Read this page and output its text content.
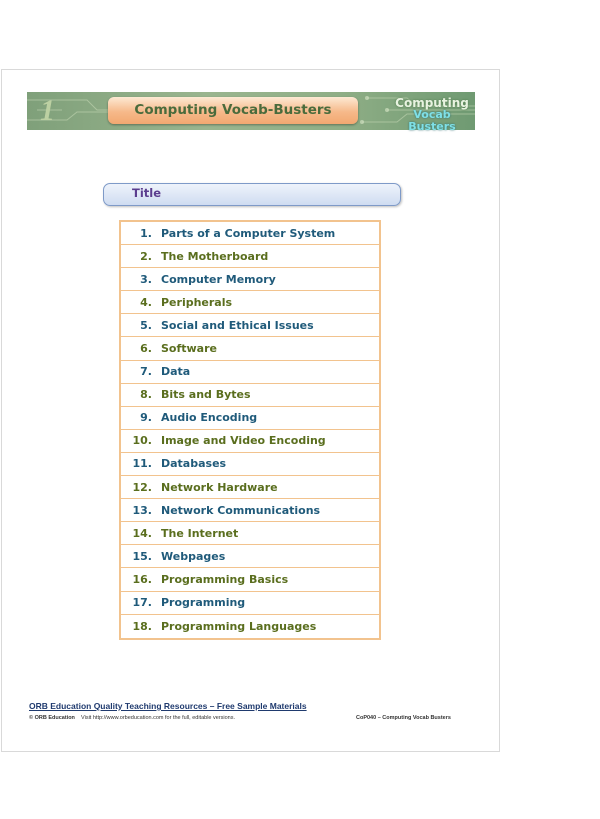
1	Computing Vocab-Busters	Computing
Vocab Busters
Title
1. Parts of a Computer System
2. The Motherboard
3. Computer Memory
4. Peripherals
5. Social and Ethical Issues
6. Software
7. Data
8. Bits and Bytes
9. Audio Encoding
10. Image and Video Encoding
11. Databases
12. Network Hardware
13. Network Communications
14. The Internet
15. Webpages
16. Programming Basics
17. Programming
18. Programming Languages
ORB Education Quality Teaching Resources – Free Sample Materials
© ORB Education Visit http://www.orbeducation.com for the full, editable versions.	CoP040 – Computing Vocab Busters
